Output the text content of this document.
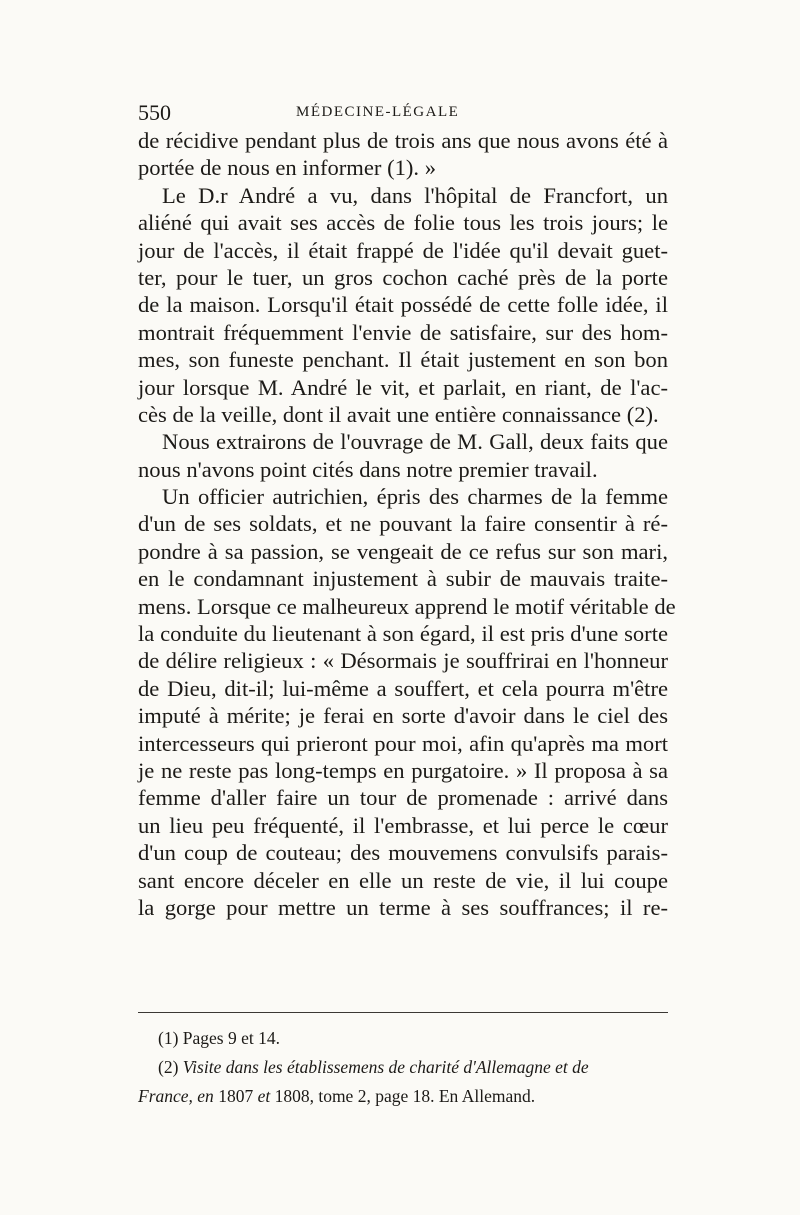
550	MÉDECINE-LÉGALE
de récidive pendant plus de trois ans que nous avons été à
portée de nous en informer (1). »
Le D.r André a vu, dans l'hôpital de Francfort, un
aliéné qui avait ses accès de folie tous les trois jours; le
jour de l'accès, il était frappé de l'idée qu'il devait guet-
ter, pour le tuer, un gros cochon caché près de la porte
de la maison. Lorsqu'il était possédé de cette folle idée, il
montrait fréquemment l'envie de satisfaire, sur des hom-
mes, son funeste penchant. Il était justement en son bon
jour lorsque M. André le vit, et parlait, en riant, de l'ac-
cès de la veille, dont il avait une entière connaissance (2).
Nous extrairons de l'ouvrage de M. Gall, deux faits que
nous n'avons point cités dans notre premier travail.
Un officier autrichien, épris des charmes de la femme
d'un de ses soldats, et ne pouvant la faire consentir à ré-
pondre à sa passion, se vengeait de ce refus sur son mari,
en le condamnant injustement à subir de mauvais traite-
mens. Lorsque ce malheureux apprend le motif véritable de
la conduite du lieutenant à son égard, il est pris d'une sorte
de délire religieux : « Désormais je souffrirai en l'honneur
de Dieu, dit-il; lui-même a souffert, et cela pourra m'être
imputé à mérite; je ferai en sorte d'avoir dans le ciel des
intercesseurs qui prieront pour moi, afin qu'après ma mort
je ne reste pas long-temps en purgatoire. » Il proposa à sa
femme d'aller faire un tour de promenade : arrivé dans
un lieu peu fréquenté, il l'embrasse, et lui perce le cœur
d'un coup de couteau; des mouvemens convulsifs parais-
sant encore déceler en elle un reste de vie, il lui coupe
la gorge pour mettre un terme à ses souffrances; il re-
(1) Pages 9 et 14.
(2) Visite dans les établissemens de charité d'Allemagne et de
France, en 1807 et 1808, tome 2, page 18. En Allemand.
